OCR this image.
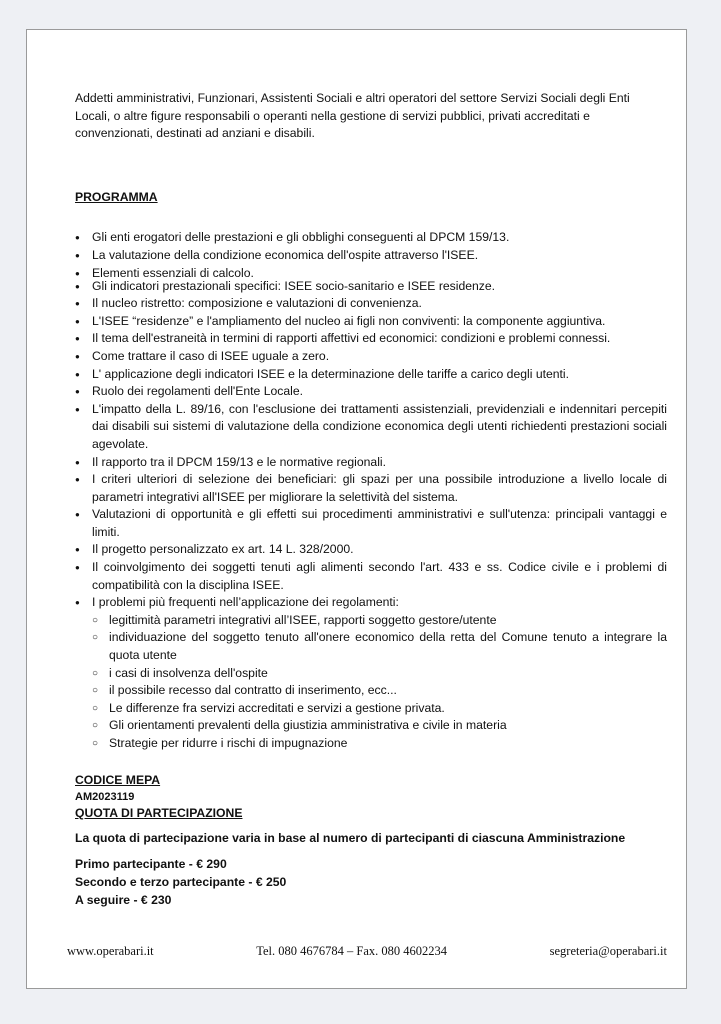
Addetti amministrativi, Funzionari, Assistenti Sociali e altri operatori del settore Servizi Sociali degli Enti Locali, o altre figure responsabili o operanti nella gestione di servizi pubblici, privati accreditati e convenzionati, destinati ad anziani e disabili.

PROGRAMMA
● Gli enti erogatori delle prestazioni e gli obblighi conseguenti al DPCM 159/13.
● La valutazione della condizione economica dell'ospite attraverso l'ISEE.
● Elementi essenziali di calcolo.
● Gli indicatori prestazionali specifici: ISEE socio-sanitario e ISEE residenze.
● Il nucleo ristretto: composizione e valutazioni di convenienza.
● L'ISEE “residenze” e l'ampliamento del nucleo ai figli non conviventi: la componente aggiuntiva.
● Il tema dell'estraneità in termini di rapporti affettivi ed economici: condizioni e problemi connessi.
● Come trattare il caso di ISEE uguale a zero.
● L' applicazione degli indicatori ISEE e la determinazione delle tariffe a carico degli utenti.
● Ruolo dei regolamenti dell'Ente Locale.
● L'impatto della L. 89/16, con l'esclusione dei trattamenti assistenziali, previdenziali e indennitari percepiti dai disabili sui sistemi di valutazione della condizione economica degli utenti richiedenti prestazioni sociali agevolate.
● Il rapporto tra il DPCM 159/13 e le normative regionali.
● I criteri ulteriori di selezione dei beneficiari: gli spazi per una possibile introduzione a livello locale di parametri integrativi all'ISEE per migliorare la selettività del sistema.
● Valutazioni di opportunità e gli effetti sui procedimenti amministrativi e sull'utenza: principali vantaggi e limiti.
● Il progetto personalizzato ex art. 14 L. 328/2000.
● Il coinvolgimento dei soggetti tenuti agli alimenti secondo l'art. 433 e ss. Codice civile e i problemi di compatibilità con la disciplina ISEE.
● I problemi più frequenti nell’applicazione dei regolamenti:
○ legittimità parametri integrativi all’ISEE, rapporti soggetto gestore/utente
○ individuazione del soggetto tenuto all'onere economico della retta del Comune tenuto a integrare la quota utente
○ i casi di insolvenza dell'ospite
○ il possibile recesso dal contratto di inserimento, ecc...
○ Le differenze fra servizi accreditati e servizi a gestione privata.
○ Gli orientamenti prevalenti della giustizia amministrativa e civile in materia
○ Strategie per ridurre i rischi di impugnazione
CODICE MEPA
AM2023119
QUOTA DI PARTECIPAZIONE
La quota di partecipazione varia in base al numero di partecipanti di ciascuna Amministrazione
Primo partecipante - € 290
Secondo e terzo partecipante - € 250
A seguire - € 230
www.operabari.it	Tel. 080 4676784 – Fax. 080 4602234	segreteria@operabari.it
